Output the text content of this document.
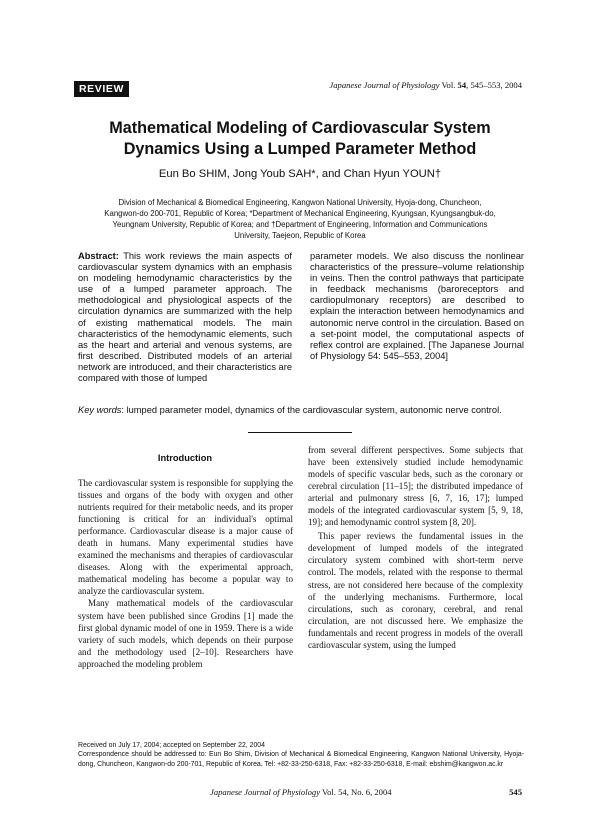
REVIEW	Japanese Journal of Physiology Vol. 54, 545–553, 2004
Mathematical Modeling of Cardiovascular System
Dynamics Using a Lumped Parameter Method
Eun Bo SHIM, Jong Youb SAH*, and Chan Hyun YOUN†
Division of Mechanical & Biomedical Engineering, Kangwon National University, Hyoja-dong, Chuncheon,
Kangwon-do 200-701, Republic of Korea; *Department of Mechanical Engineering, Kyungsan, Kyungsangbuk-do,
Yeungnam University, Republic of Korea; and †Department of Engineering, Information and Communications
University, Taejeon, Republic of Korea
Abstract: This work reviews the main aspects of cardiovascular system dynamics with an emphasis on modeling hemodynamic characteristics by the use of a lumped parameter approach. The methodological and physiological aspects of the circulation dynamics are summarized with the help of existing mathematical models. The main characteristics of the hemodynamic elements, such as the heart and arterial and venous systems, are first described. Distributed models of an arterial network are introduced, and their characteristics are compared with those of lumped
parameter models. We also discuss the nonlinear characteristics of the pressure–volume relationship in veins. Then the control pathways that participate in feedback mechanisms (baroreceptors and cardiopulmonary receptors) are described to explain the interaction between hemodynamics and autonomic nerve control in the circulation. Based on a set-point model, the computational aspects of reflex control are explained. [The Japanese Journal of Physiology 54: 545–553, 2004]
Key words: lumped parameter model, dynamics of the cardiovascular system, autonomic nerve control.
Introduction

The cardiovascular system is responsible for supplying the tissues and organs of the body with oxygen and other nutrients required for their metabolic needs, and its proper functioning is critical for an individual's optimal performance. Cardiovascular disease is a major cause of death in humans. Many experimental studies have examined the mechanisms and therapies of cardiovascular diseases. Along with the experimental approach, mathematical modeling has become a popular way to analyze the cardiovascular system.

Many mathematical models of the cardiovascular system have been published since Grodins [1] made the first global dynamic model of one in 1959. There is a wide variety of such models, which depends on their purpose and the methodology used [2–10]. Researchers have approached the modeling problem

from several different perspectives. Some subjects that have been extensively studied include hemodynamic models of specific vascular beds, such as the coronary or cerebral circulation [11–15]; the distributed impedance of arterial and pulmonary stress [6, 7, 16, 17]; lumped models of the integrated cardiovascular system [5, 9, 18, 19]; and hemodynamic control system [8, 20].

This paper reviews the fundamental issues in the development of lumped models of the integrated circulatory system combined with short-term nerve control. The models, related with the response to thermal stress, are not considered here because of the complexity of the underlying mechanisms. Furthermore, local circulations, such as coronary, cerebral, and renal circulation, are not discussed here. We emphasize the fundamentals and recent progress in models of the overall cardiovascular system, using the lumped

Received on July 17, 2004; accepted on September 22, 2004
Correspondence should be addressed to: Eun Bo Shim, Division of Mechanical & Biomedical Engineering, Kangwon National University, Hyoja-dong, Chuncheon, Kangwon-do 200-701, Republic of Korea. Tel: +82-33-250-6318, Fax: +82-33-250-6318, E-mail: ebshim@kangwon.ac.kr
Japanese Journal of Physiology Vol. 54, No. 6, 2004	545
